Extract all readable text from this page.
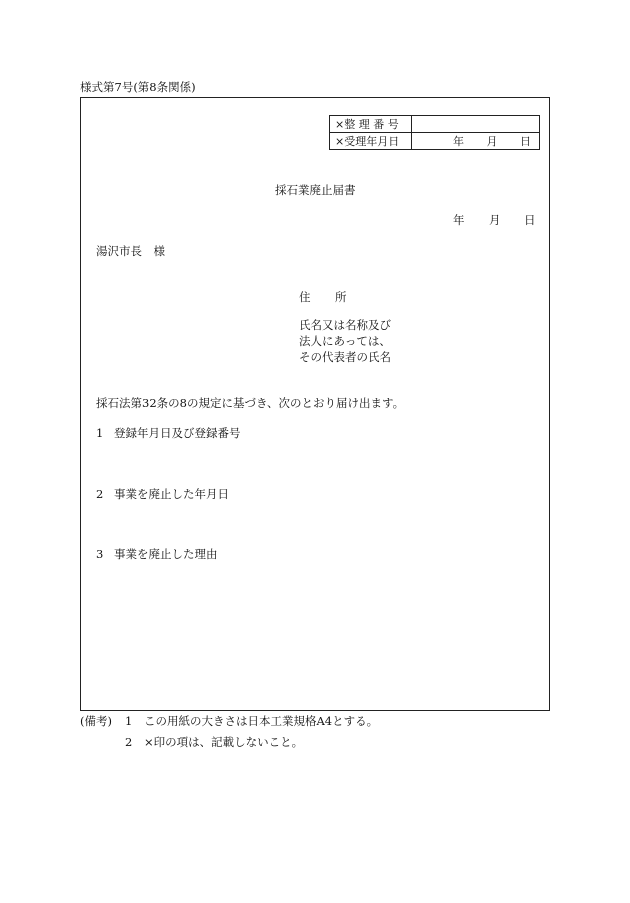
様式第7号(第8条関係)
×整 理 番 号	
×受理年月日	年 月 日
採石業廃止届書
年 月 日
湯沢市長　様
住 所
氏名又は名称及び
法人にあっては、
その代表者の氏名
採石法第32条の8の規定に基づき、次のとおり届け出ます。
1 登録年月日及び登録番号
2 事業を廃止した年月日
3 事業を廃止した理由
(備考) 1 この用紙の大きさは日本工業規格A4とする。
2 ×印の項は、記載しないこと。
